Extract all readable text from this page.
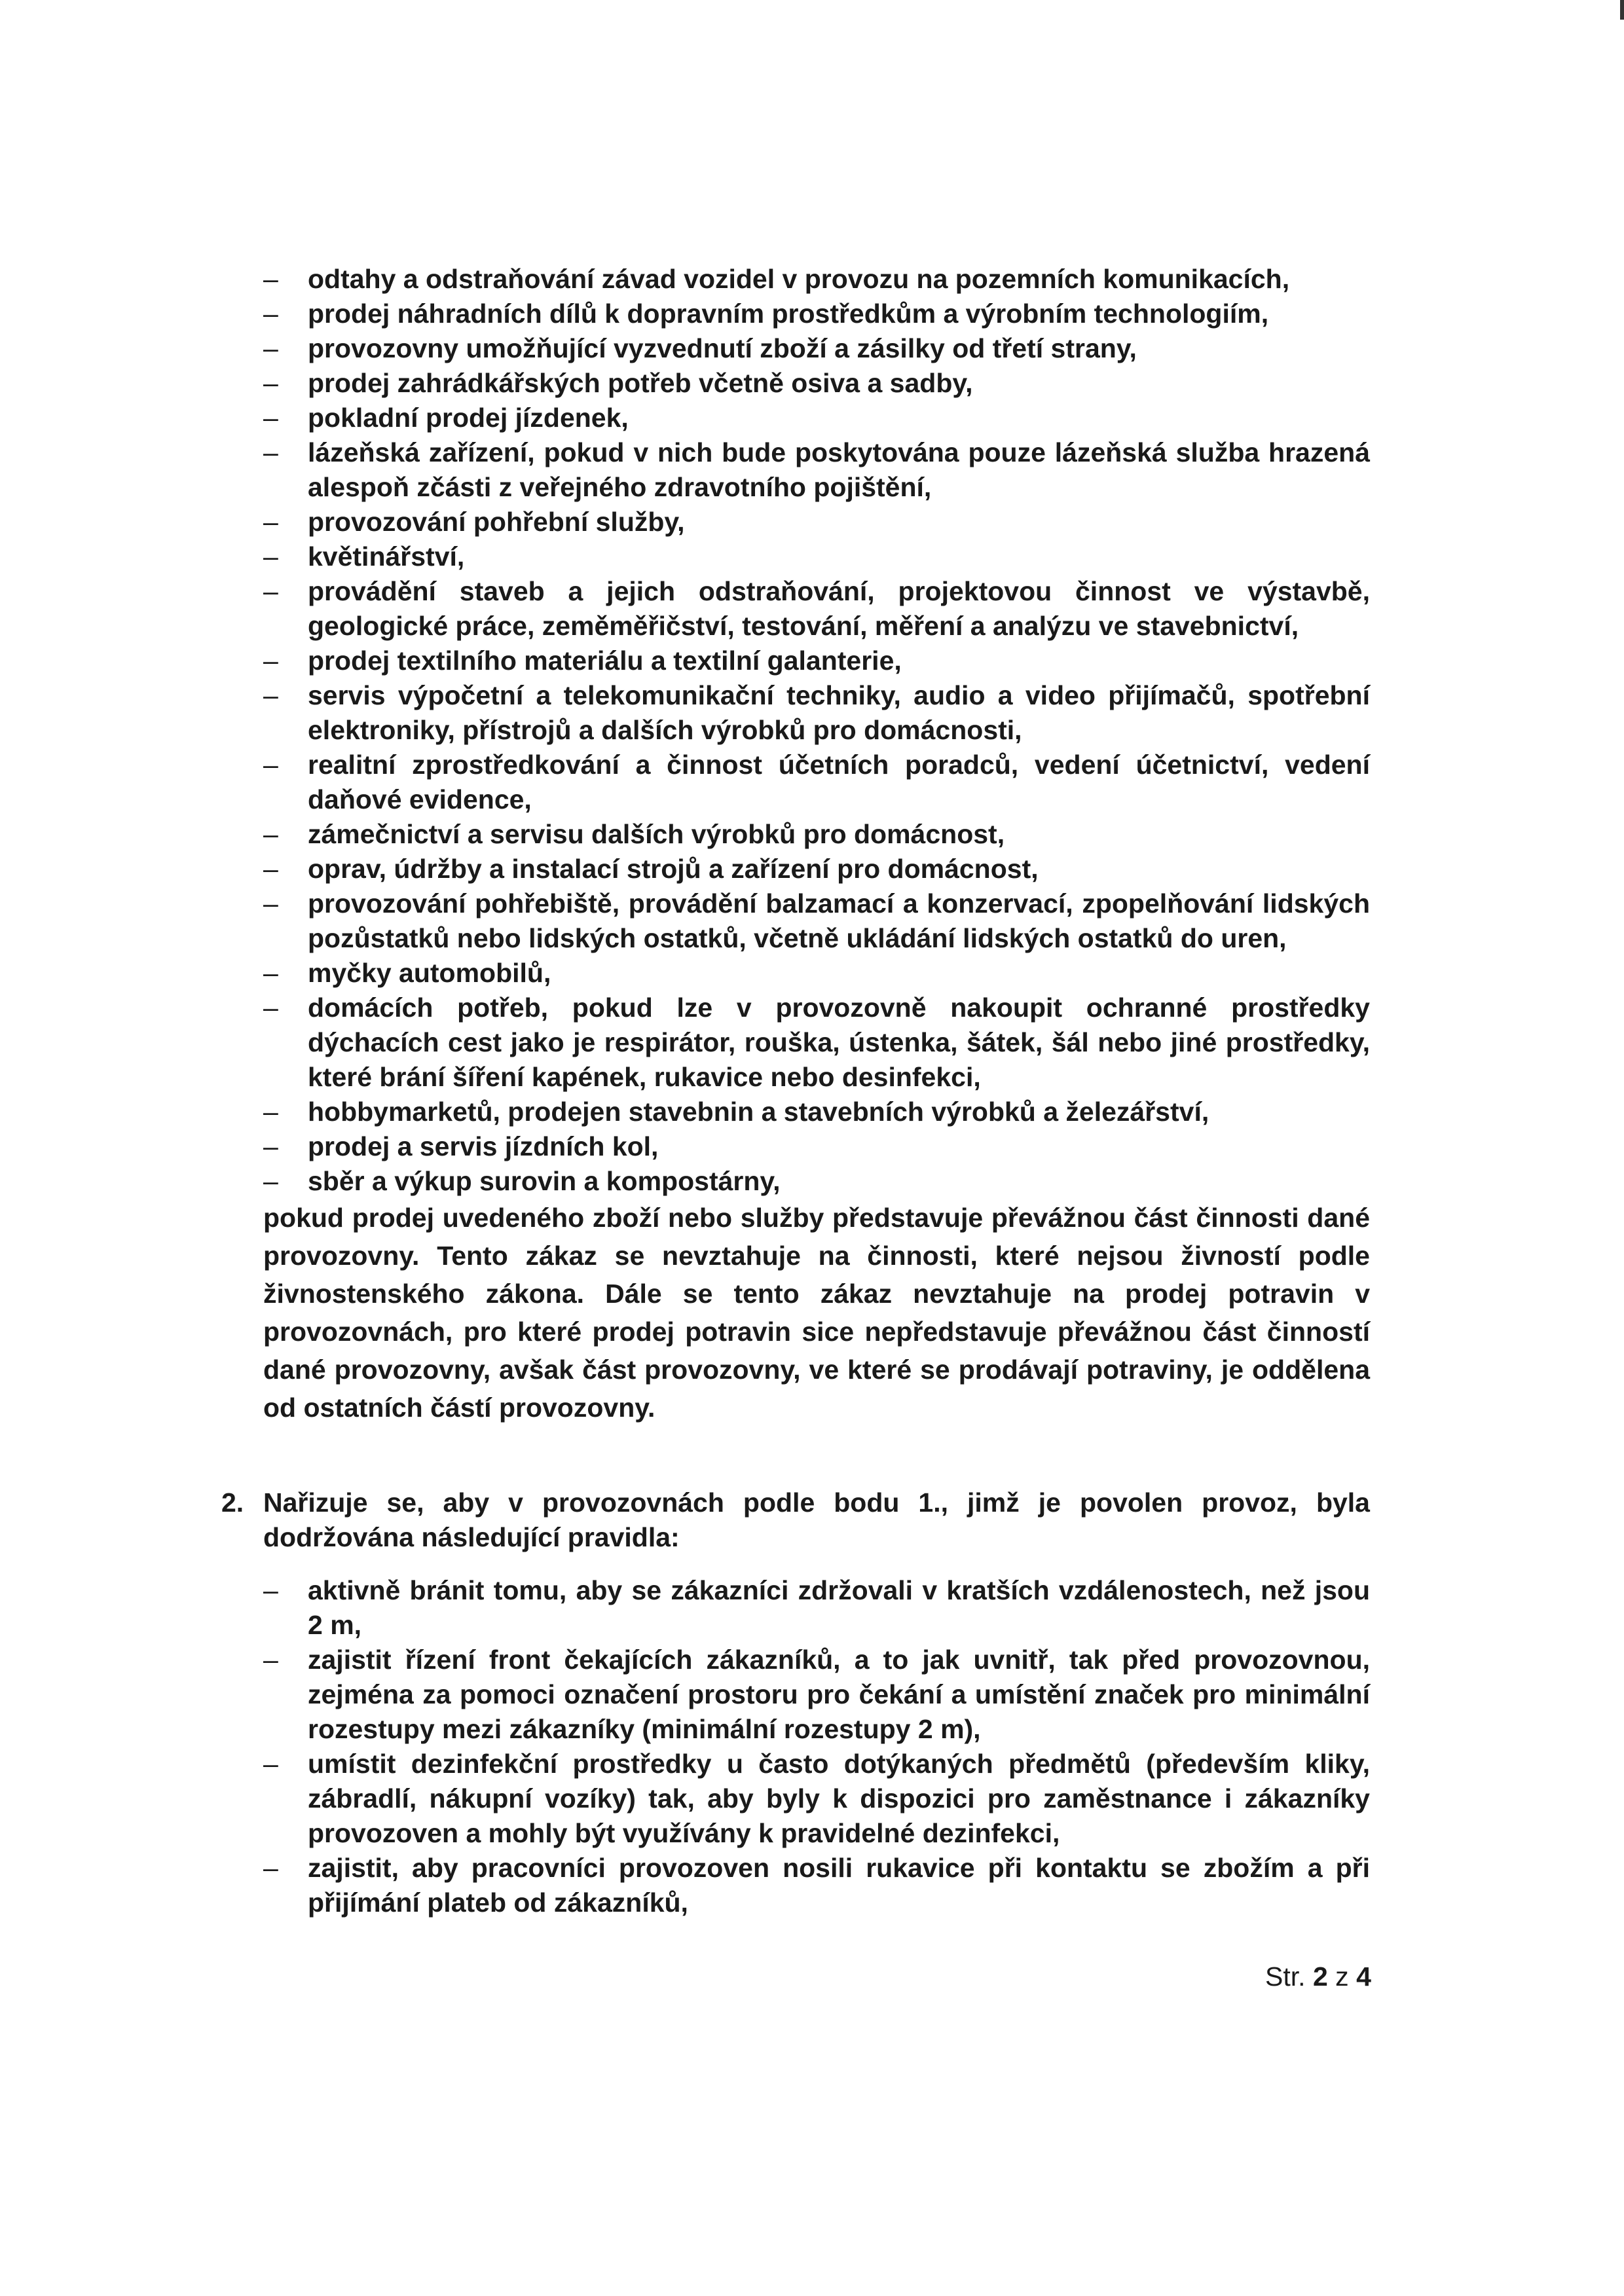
– odtahy a odstraňování závad vozidel v provozu na pozemních komunikacích,
– prodej náhradních dílů k dopravním prostředkům a výrobním technologiím,
– provozovny umožňující vyzvednutí zboží a zásilky od třetí strany,
– prodej zahrádkářských potřeb včetně osiva a sadby,
– pokladní prodej jízdenek,
– lázeňská zařízení, pokud v nich bude poskytována pouze lázeňská služba hrazená alespoň zčásti z veřejného zdravotního pojištění,
– provozování pohřební služby,
– květinářství,
– provádění staveb a jejich odstraňování, projektovou činnost ve výstavbě, geologické práce, zeměměřičství, testování, měření a analýzu ve stavebnictví,
– prodej textilního materiálu a textilní galanterie,
– servis výpočetní a telekomunikační techniky, audio a video přijímačů, spotřební elektroniky, přístrojů a dalších výrobků pro domácnosti,
– realitní zprostředkování a činnost účetních poradců, vedení účetnictví, vedení daňové evidence,
– zámečnictví a servisu dalších výrobků pro domácnost,
– oprav, údržby a instalací strojů a zařízení pro domácnost,
– provozování pohřebiště, provádění balzamací a konzervací, zpopelňování lidských pozůstatků nebo lidských ostatků, včetně ukládání lidských ostatků do uren,
– myčky automobilů,
– domácích potřeb, pokud lze v provozovně nakoupit ochranné prostředky dýchacích cest jako je respirátor, rouška, ústenka, šátek, šál nebo jiné prostředky, které brání šíření kapének, rukavice nebo desinfekci,
– hobbymarketů, prodejen stavebnin a stavebních výrobků a železářství,
– prodej a servis jízdních kol,
– sběr a výkup surovin a kompostárny,

pokud prodej uvedeného zboží nebo služby představuje převážnou část činnosti dané provozovny. Tento zákaz se nevztahuje na činnosti, které nejsou živností podle živnostenského zákona. Dále se tento zákaz nevztahuje na prodej potravin v provozovnách, pro které prodej potravin sice nepředstavuje převážnou část činností dané provozovny, avšak část provozovny, ve které se prodávají potraviny, je oddělena od ostatních částí provozovny.

2. Nařizuje se, aby v provozovnách podle bodu 1., jimž je povolen provoz, byla dodržována následující pravidla:

– aktivně bránit tomu, aby se zákazníci zdržovali v kratších vzdálenostech, než jsou 2 m,
– zajistit řízení front čekajících zákazníků, a to jak uvnitř, tak před provozovnou, zejména za pomoci označení prostoru pro čekání a umístění značek pro minimální rozestupy mezi zákazníky (minimální rozestupy 2 m),
– umístit dezinfekční prostředky u často dotýkaných předmětů (především kliky, zábradlí, nákupní vozíky) tak, aby byly k dispozici pro zaměstnance i zákazníky provozoven a mohly být využívány k pravidelné dezinfekci,
– zajistit, aby pracovníci provozoven nosili rukavice při kontaktu se zbožím a při přijímání plateb od zákazníků,
Str. 2 z 4
